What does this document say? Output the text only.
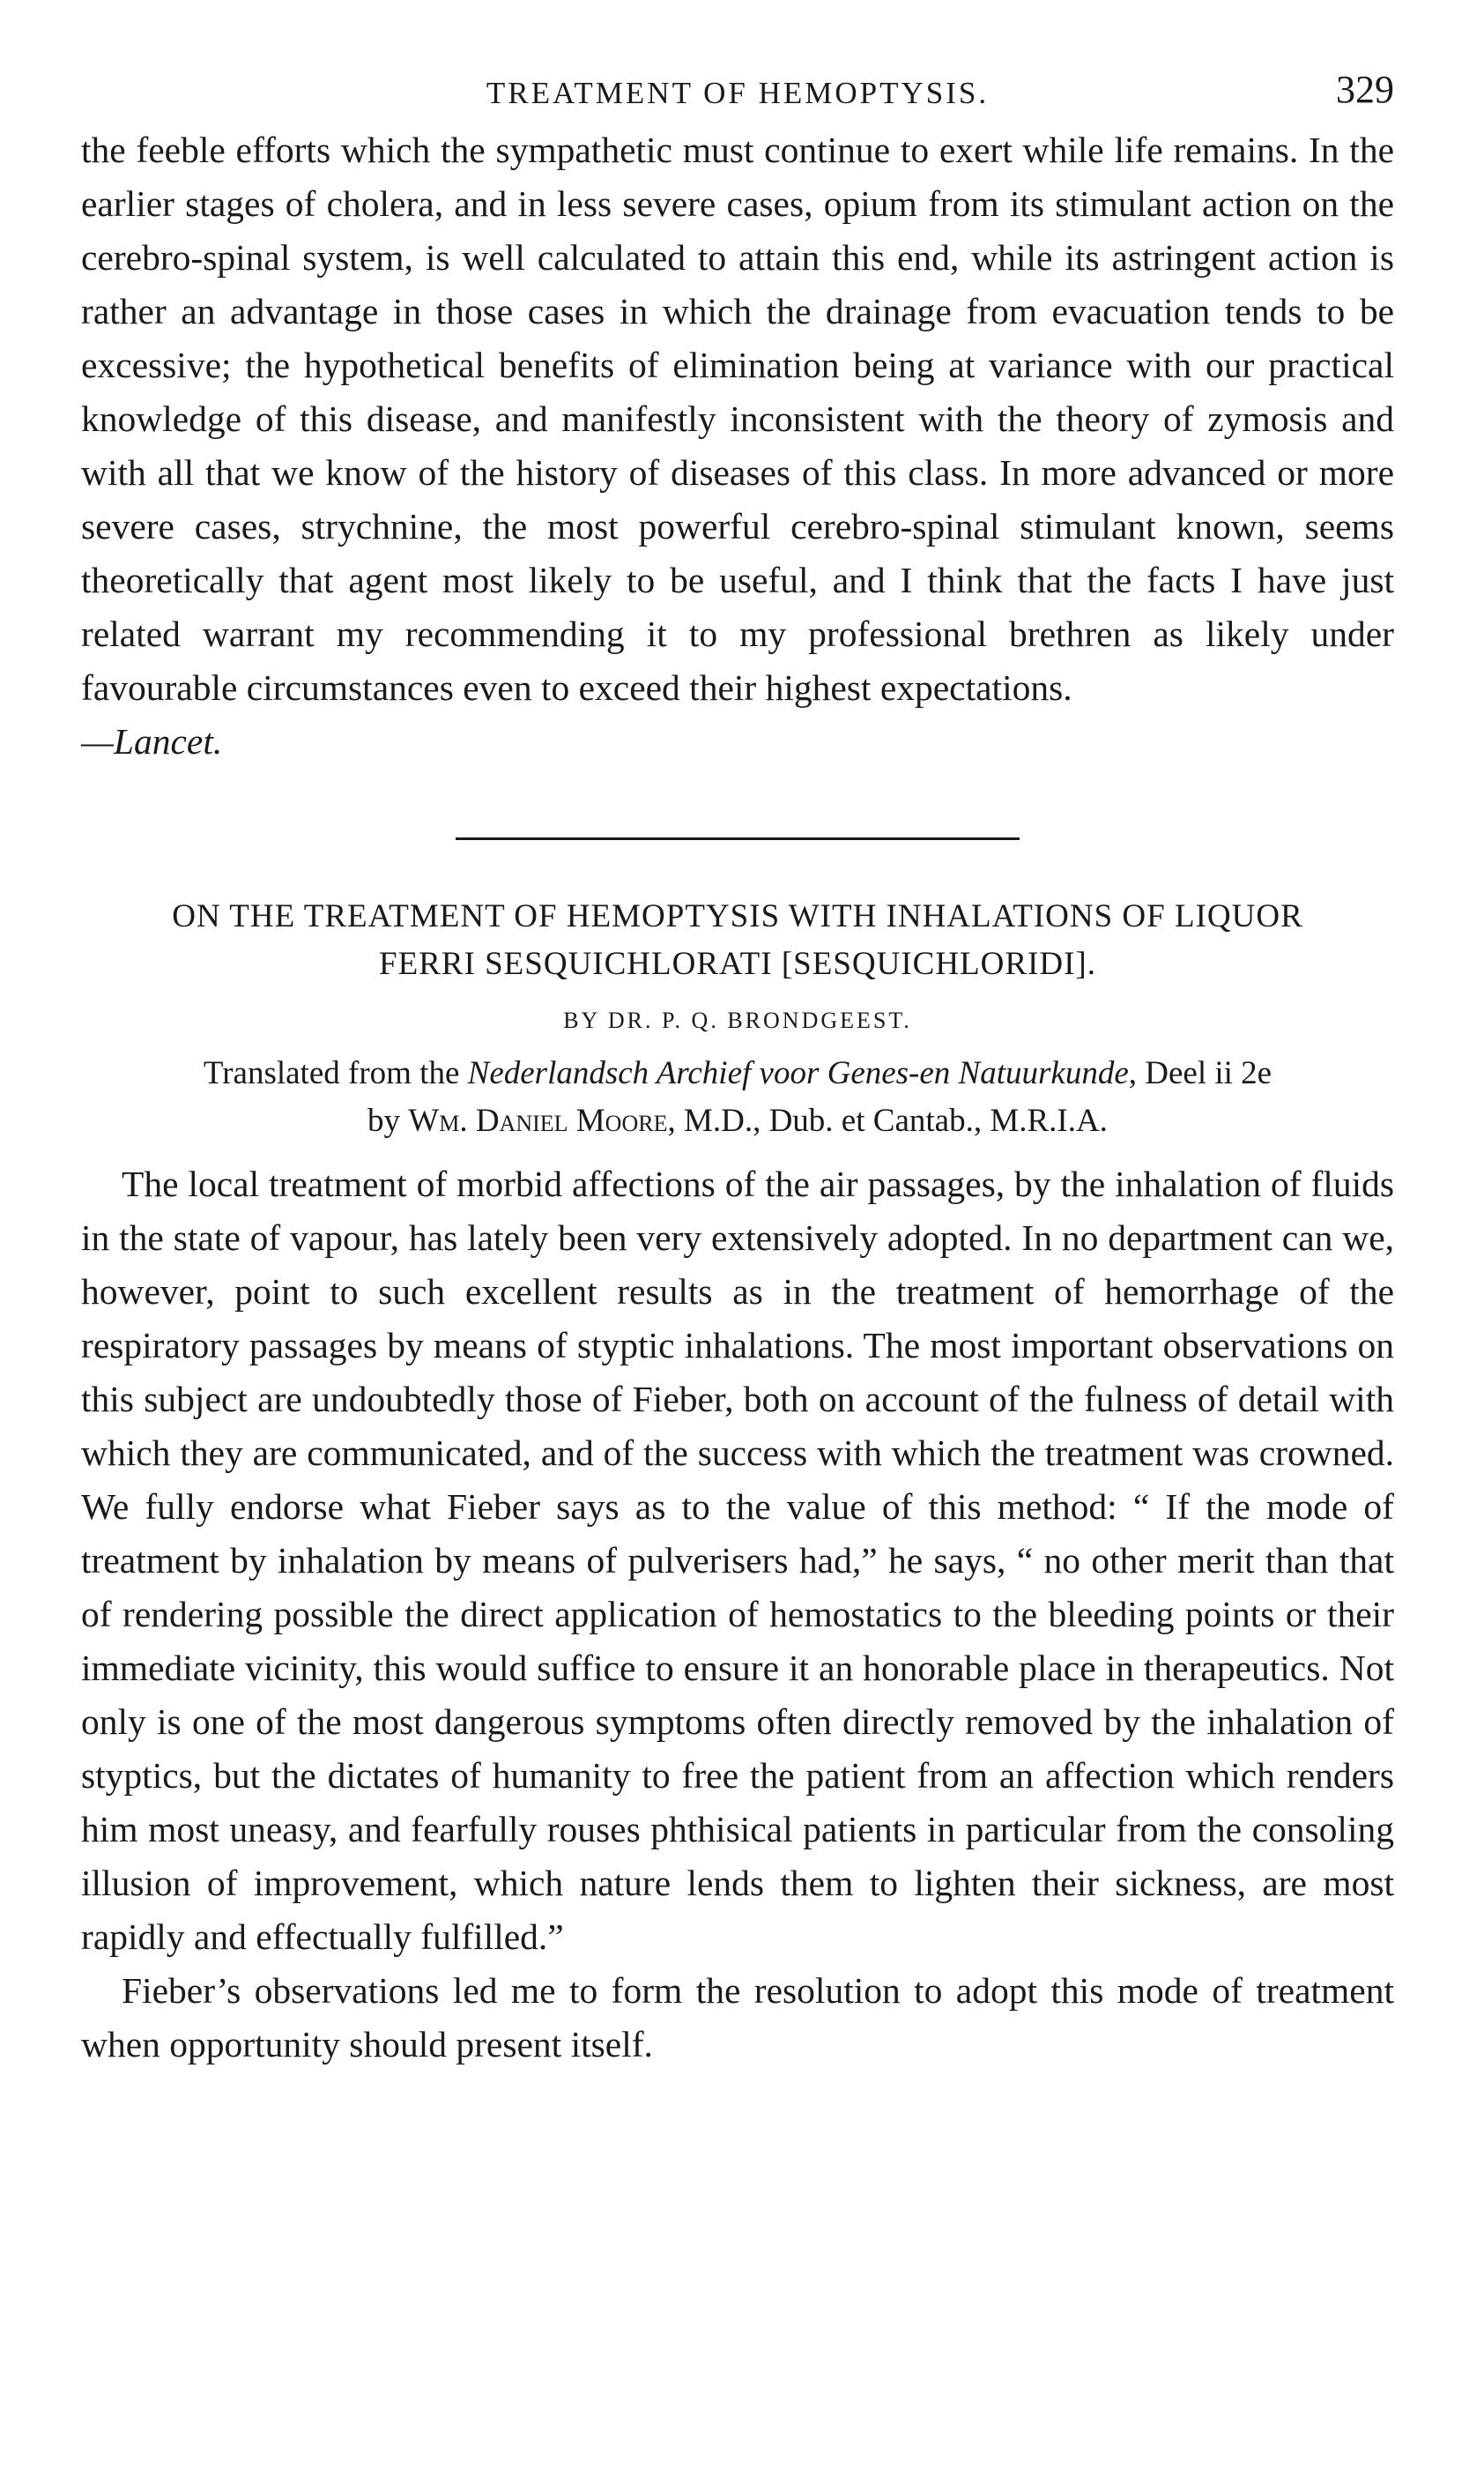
TREATMENT OF HEMOPTYSIS.	329

the feeble efforts which the sympathetic must continue to exert while life remains. In the earlier stages of cholera, and in less severe cases, opium from its stimulant action on the cerebro-spinal system, is well calculated to attain this end, while its astringent action is rather an advantage in those cases in which the drainage from evacuation tends to be excessive; the hypothetical benefits of elimination being at variance with our practical knowledge of this disease, and manifestly inconsistent with the theory of zymosis and with all that we know of the history of diseases of this class. In more advanced or more severe cases, strychnine, the most powerful cerebro-spinal stimulant known, seems theoretically that agent most likely to be useful, and I think that the facts I have just related warrant my recommending it to my professional brethren as likely under favourable circumstances even to exceed their highest expectations.

—Lancet.

ON THE TREATMENT OF HEMOPTYSIS WITH INHALATIONS OF LIQUOR

FERRI SESQUICHLORATI [SESQUICHLORIDI].

BY DR. P. Q. BRONDGEEST.

Translated from the Nederlandsch Archief voor Genes-en Natuurkunde, Deel ii 2e
by Wm. Daniel Moore, M.D., Dub. et Cantab., M.R.I.A.

The local treatment of morbid affections of the air passages, by the inhalation of fluids in the state of vapour, has lately been very extensively adopted. In no department can we, however, point to such excellent results as in the treatment of hemorrhage of the respiratory passages by means of styptic inhalations. The most important observations on this subject are undoubtedly those of Fieber, both on account of the fulness of detail with which they are communicated, and of the success with which the treatment was crowned. We fully endorse what Fieber says as to the value of this method: “ If the mode of treatment by inhalation by means of pulverisers had,” he says, “ no other merit than that of rendering possible the direct application of hemostatics to the bleeding points or their immediate vicinity, this would suffice to ensure it an honorable place in therapeutics. Not only is one of the most dangerous symptoms often directly removed by the inhalation of styptics, but the dictates of humanity to free the patient from an affection which renders him most uneasy, and fearfully rouses phthisical patients in particular from the consoling illusion of improvement, which nature lends them to lighten their sickness, are most rapidly and effectually fulfilled.”

Fieber’s observations led me to form the resolution to adopt this mode of treatment when opportunity should present itself.
